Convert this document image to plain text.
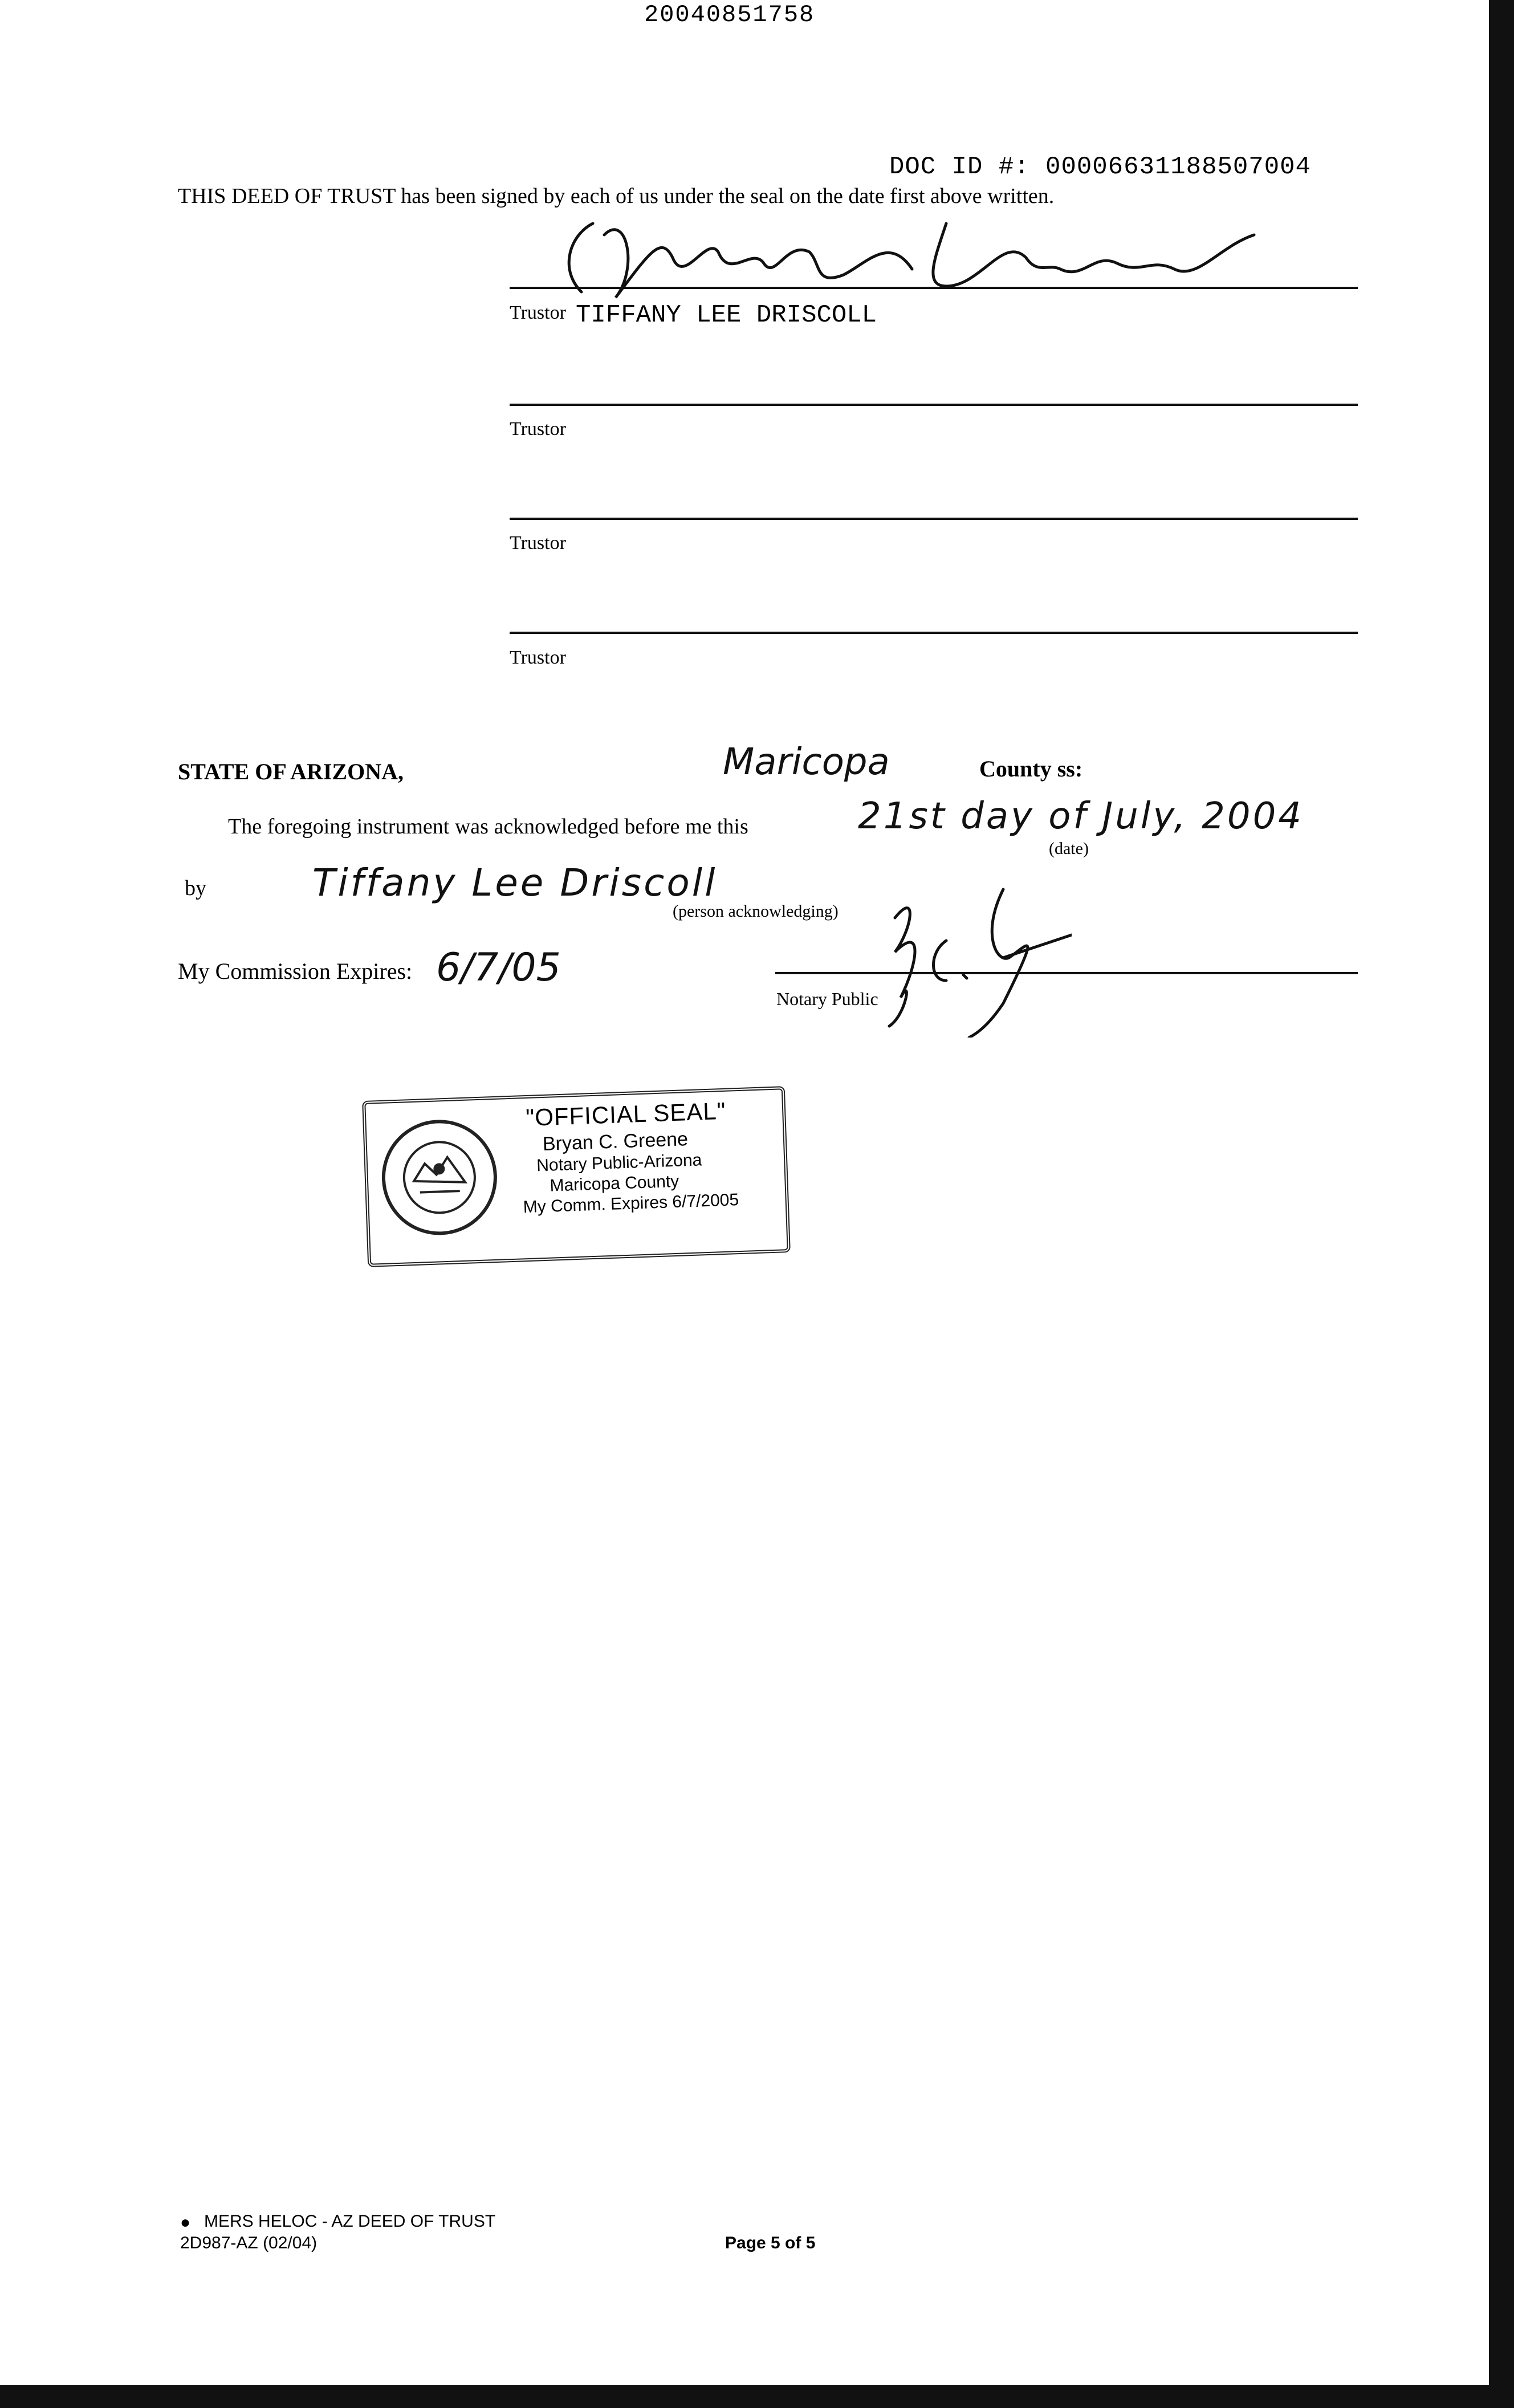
20040851758
DOC ID #: 00006631188507004
THIS DEED OF TRUST has been signed by each of us under the seal on the date first above written.
Trustor TIFFANY LEE DRISCOLL
Trustor
Trustor
Trustor
STATE OF ARIZONA,	Maricopa	County ss:
The foregoing instrument was acknowledged before me this	21st day of July, 2004
(date)
by	Tiffany Lee Driscoll
(person acknowledging)
My Commission Expires: 6/7/05
Notary Public
"OFFICIAL SEAL"
Bryan C. Greene
Notary Public-Arizona
Maricopa County
My Comm. Expires 6/7/2005
● MERS HELOC - AZ DEED OF TRUST
2D987-AZ (02/04)	Page 5 of 5
